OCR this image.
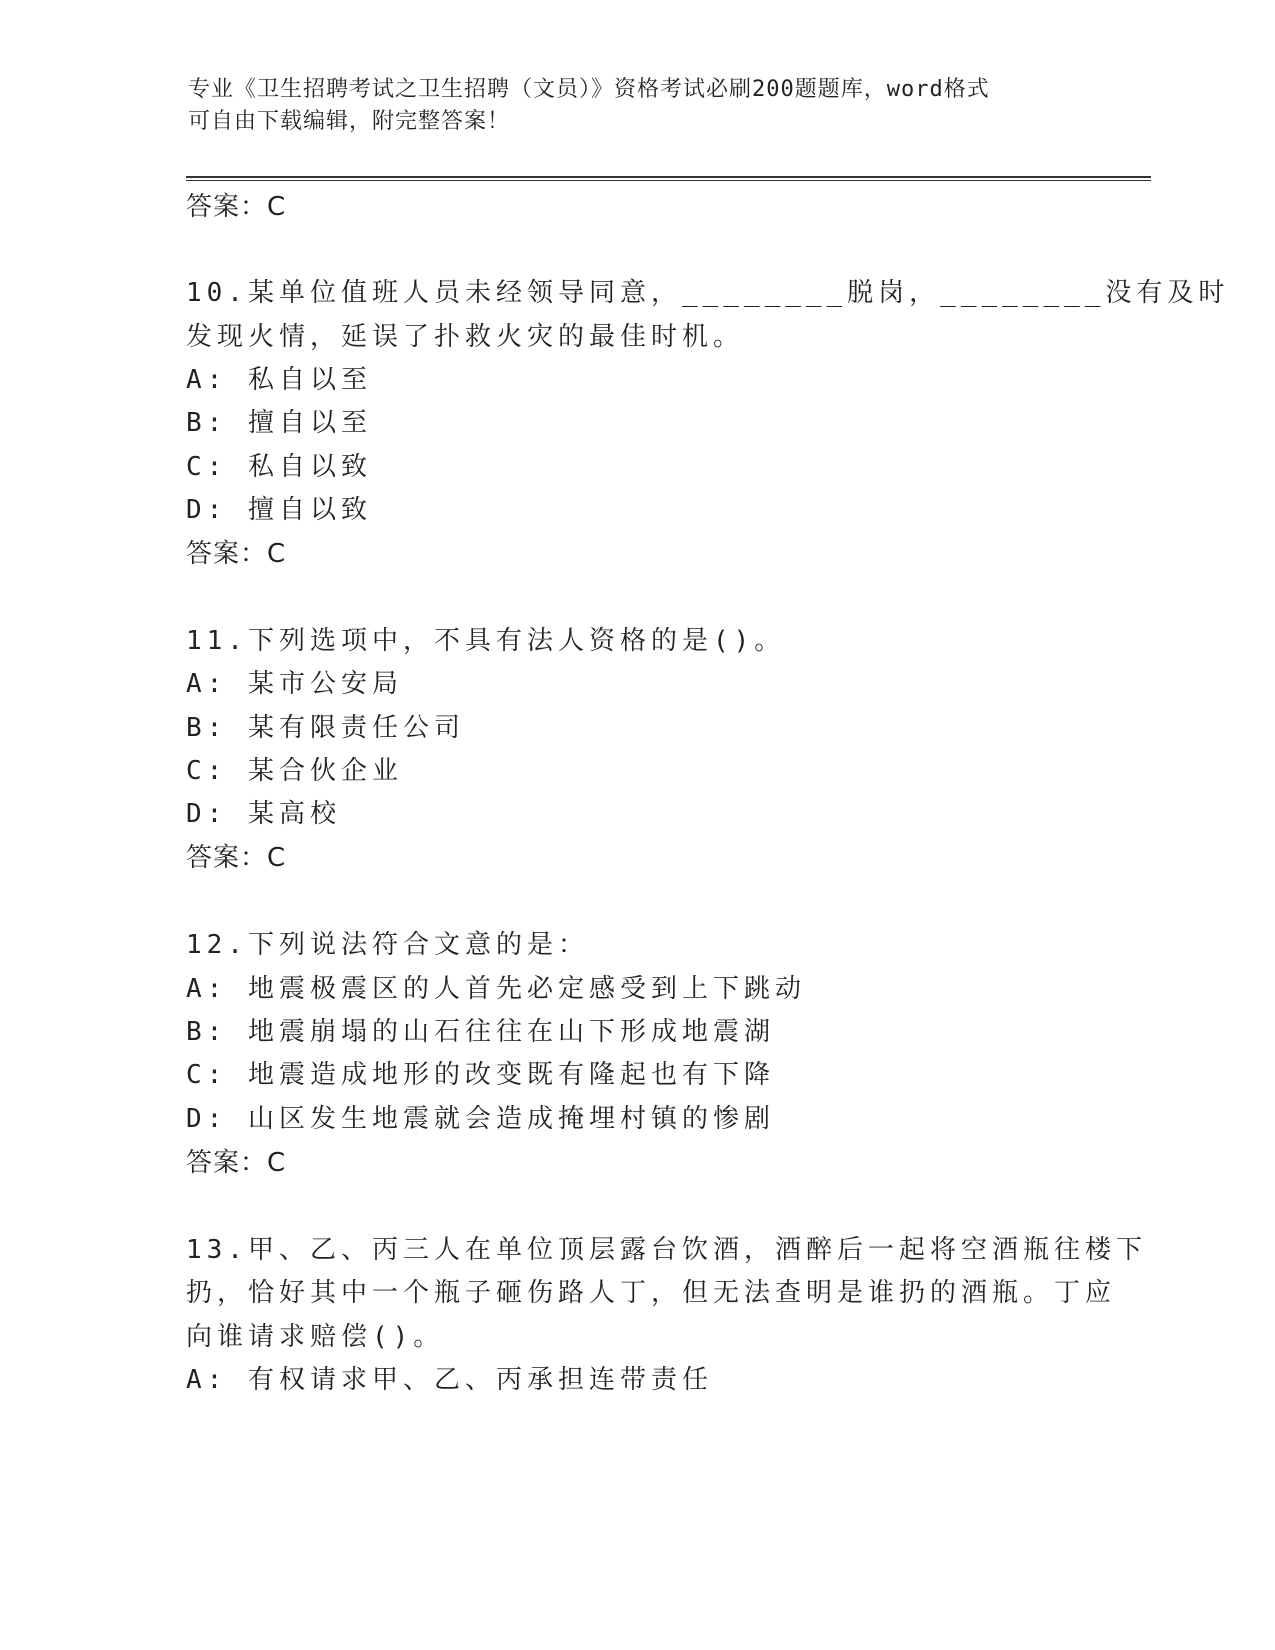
专业《卫生招聘考试之卫生招聘（文员）》资格考试必刷200题题库，word格式
可自由下载编辑，附完整答案！
答案：C
10.某单位值班人员未经领导同意，________脱岗，________没有及时
发现火情，延误了扑救火灾的最佳时机。
A: 私自以至
B: 擅自以至
C: 私自以致
D: 擅自以致
答案：C
11.下列选项中，不具有法人资格的是()。
A: 某市公安局
B: 某有限责任公司
C: 某合伙企业
D: 某高校
答案：C
12.下列说法符合文意的是：
A: 地震极震区的人首先必定感受到上下跳动
B: 地震崩塌的山石往往在山下形成地震湖
C: 地震造成地形的改变既有隆起也有下降
D: 山区发生地震就会造成掩埋村镇的惨剧
答案：C
13.甲、乙、丙三人在单位顶层露台饮酒，酒醉后一起将空酒瓶往楼下
扔，恰好其中一个瓶子砸伤路人丁，但无法查明是谁扔的酒瓶。丁应
向谁请求赔偿()。
A: 有权请求甲、乙、丙承担连带责任
